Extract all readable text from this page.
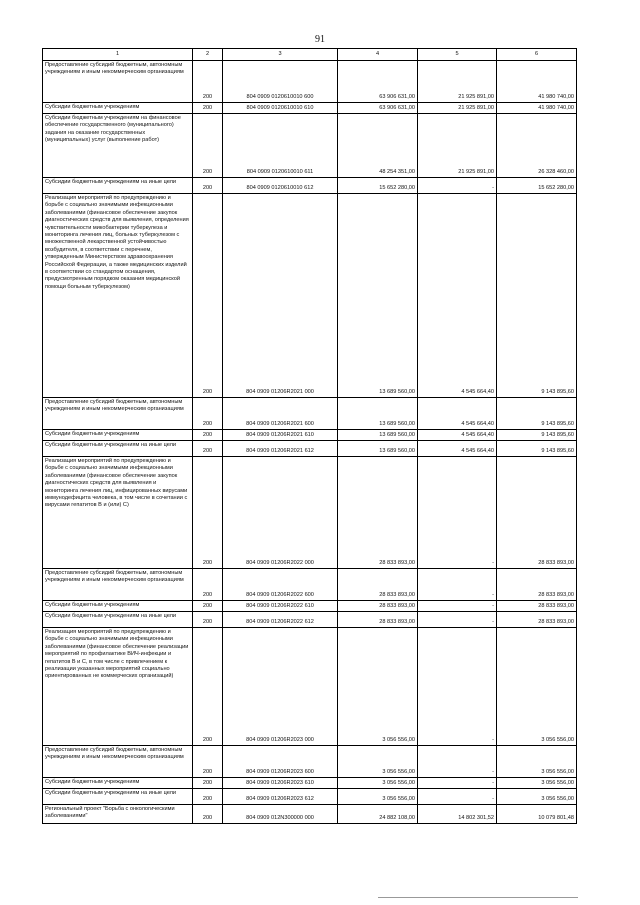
91
1	2	3	4	5	6
Предоставление субсидий бюджетным, автономным учреждениям и иным некоммерческим организациям	200	804 0909 0120610010 600	63 906 631,00	21 925 891,00	41 980 740,00
Субсидии бюджетным учреждениям	200	804 0909 0120610010 610	63 906 631,00	21 925 891,00	41 980 740,00
Субсидии бюджетным учреждениям на финансовое обеспечение государственного (муниципального) задания на оказание государственных (муниципальных) услуг (выполнение работ)	200	804 0909 0120610010 611	48 254 351,00	21 925 891,00	26 328 460,00
Субсидии бюджетным учреждениям на иные цели	200	804 0909 0120610010 612	15 652 280,00	-	15 652 280,00
Реализация мероприятий по предупреждению и борьбе с социально значимыми инфекционными заболеваниями (финансовое обеспечение закупок диагностических средств для выявления, определения чувствительности микобактерии туберкулеза и мониторинга лечения лиц, больных туберкулезом с множественной лекарственной устойчивостью возбудителя, в соответствии с перечнем, утвержденным Министерством здравоохранения Российской Федерации, а также медицинских изделий в соответствии со стандартом оснащения, предусмотренным порядком оказания медицинской помощи больным туберкулезом)	200	804 0909 01206R2021 000	13 689 560,00	4 545 664,40	9 143 895,60
Предоставление субсидий бюджетным, автономным учреждениям и иным некоммерческим организациям	200	804 0909 01206R2021 600	13 689 560,00	4 545 664,40	9 143 895,60
Субсидии бюджетным учреждениям	200	804 0909 01206R2021 610	13 689 560,00	4 545 664,40	9 143 895,60
Субсидии бюджетным учреждениям на иные цели	200	804 0909 01206R2021 612	13 689 560,00	4 545 664,40	9 143 895,60
Реализация мероприятий по предупреждению и борьбе с социально значимыми инфекционными заболеваниями (финансовое обеспечение закупок диагностических средств для выявления и мониторинга лечения лиц, инфицированных вирусами иммунодефицита человека, в том числе в сочетании с вирусами гепатитов B и (или) C)	200	804 0909 01206R2022 000	28 833 893,00	-	28 833 893,00
Предоставление субсидий бюджетным, автономным учреждениям и иным некоммерческим организациям	200	804 0909 01206R2022 600	28 833 893,00	-	28 833 893,00
Субсидии бюджетным учреждениям	200	804 0909 01206R2022 610	28 833 893,00	-	28 833 893,00
Субсидии бюджетным учреждениям на иные цели	200	804 0909 01206R2022 612	28 833 893,00	-	28 833 893,00
Реализация мероприятий по предупреждению и борьбе с социально значимыми инфекционными заболеваниями (финансовое обеспечение реализации мероприятий по профилактике ВИЧ-инфекции и гепатитов B и C, в том числе с привлечением к реализации указанных мероприятий социально ориентированных не коммерческих организаций)	200	804 0909 01206R2023 000	3 056 556,00	-	3 056 556,00
Предоставление субсидий бюджетным, автономным учреждениям и иным некоммерческим организациям	200	804 0909 01206R2023 600	3 056 556,00	-	3 056 556,00
Субсидии бюджетным учреждениям	200	804 0909 01206R2023 610	3 056 556,00	-	3 056 556,00
Субсидии бюджетным учреждениям на иные цели	200	804 0909 01206R2023 612	3 056 556,00	-	3 056 556,00
Региональный проект "Борьба с онкологическими заболеваниями"	200	804 0909 012N300000 000	24 882 108,00	14 802 301,52	10 079 801,48
